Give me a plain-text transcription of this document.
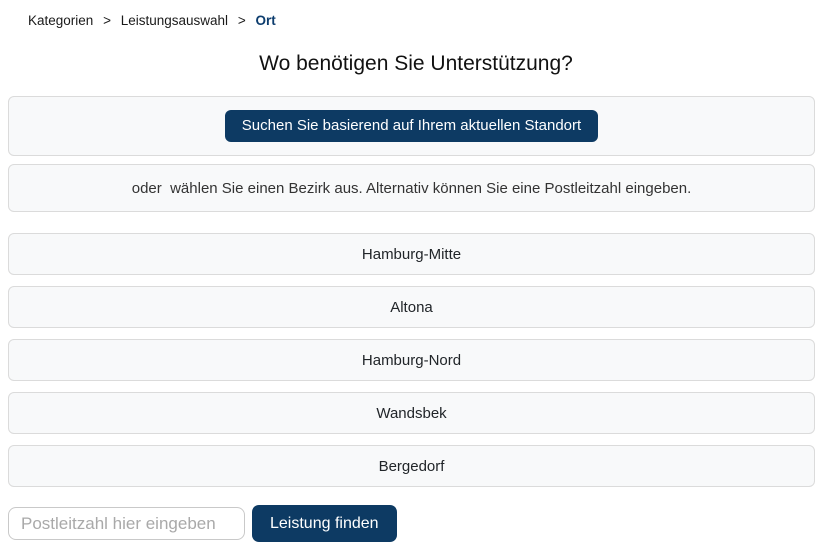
Kategorien > Leistungsauswahl > Ort
Wo benötigen Sie Unterstützung?
Suchen Sie basierend auf Ihrem aktuellen Standort
oder  wählen Sie einen Bezirk aus. Alternativ können Sie eine Postleitzahl eingeben.
Hamburg-Mitte
Altona
Hamburg-Nord
Wandsbek
Bergedorf
Postleitzahl hier eingeben
Leistung finden
